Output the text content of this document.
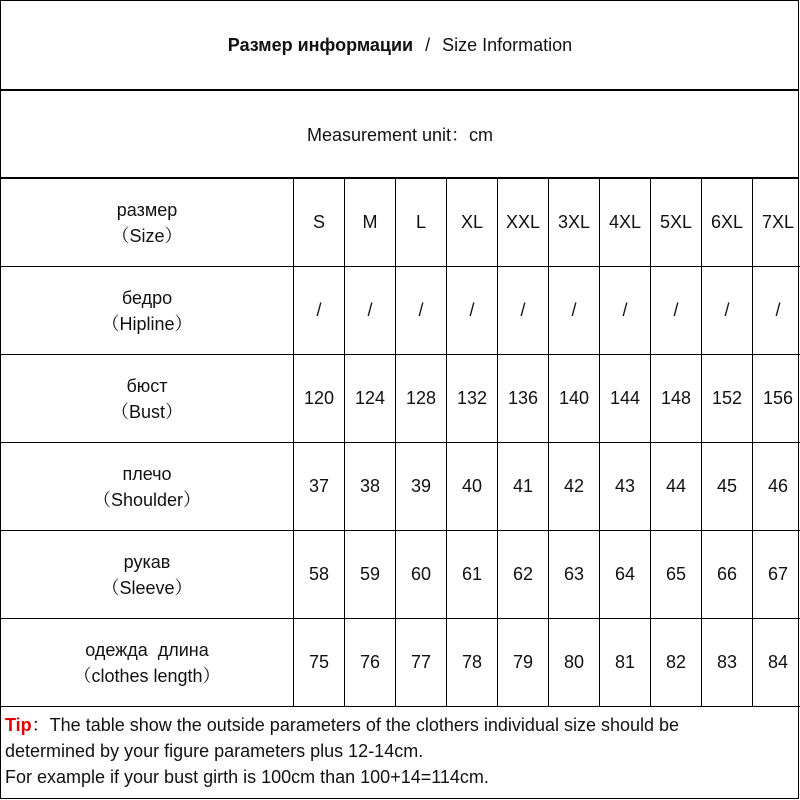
Размер информации / Size Information
Measurement unit：cm
размер
（Size）	S	M	L	XL	XXL	3XL	4XL	5XL	6XL	7XL

бедро
（Hipline）	/	/	/	/	/	/	/	/	/	/

бюст
（Bust）	120	124	128	132	136	140	144	148	152	156

плечо
（Shoulder）	37	38	39	40	41	42	43	44	45	46

рукав
（Sleeve）	58	59	60	61	62	63	64	65	66	67

одежда  длина
（clothes length）	75	76	77	78	79	80	81	82	83	84
Tip：The table show the outside parameters of the clothers individual size should be
determined by your figure parameters plus 12-14cm.
For example if your bust girth is 100cm than 100+14=114cm.
